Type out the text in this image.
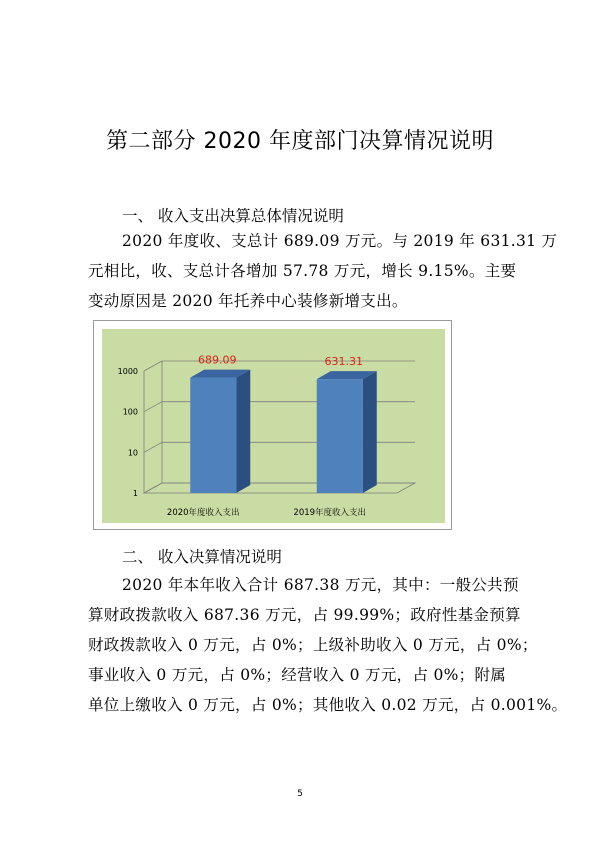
第二部分 2020 年度部门决算情况说明
一、 收入支出决算总体情况说明
2020 年度收、支总计 689.09 万元。与 2019 年 631.31 万
元相比，收、支总计各增加 57.78 万元，增长 9.15%。主要
变动原因是 2020 年托养中心装修新增支出。
1
10
100
1000
689.09
2020年度收入支出
631.31
2019年度收入支出
二、 收入决算情况说明
2020 年本年收入合计 687.38 万元，其中：一般公共预
算财政拨款收入 687.36 万元，占 99.99%；政府性基金预算
财政拨款收入 0 万元，占 0%；上级补助收入 0 万元，占 0%；
事业收入 0 万元，占 0%；经营收入 0 万元，占 0%；附属
单位上缴收入 0 万元，占 0%；其他收入 0.02 万元，占 0.001%。
5
